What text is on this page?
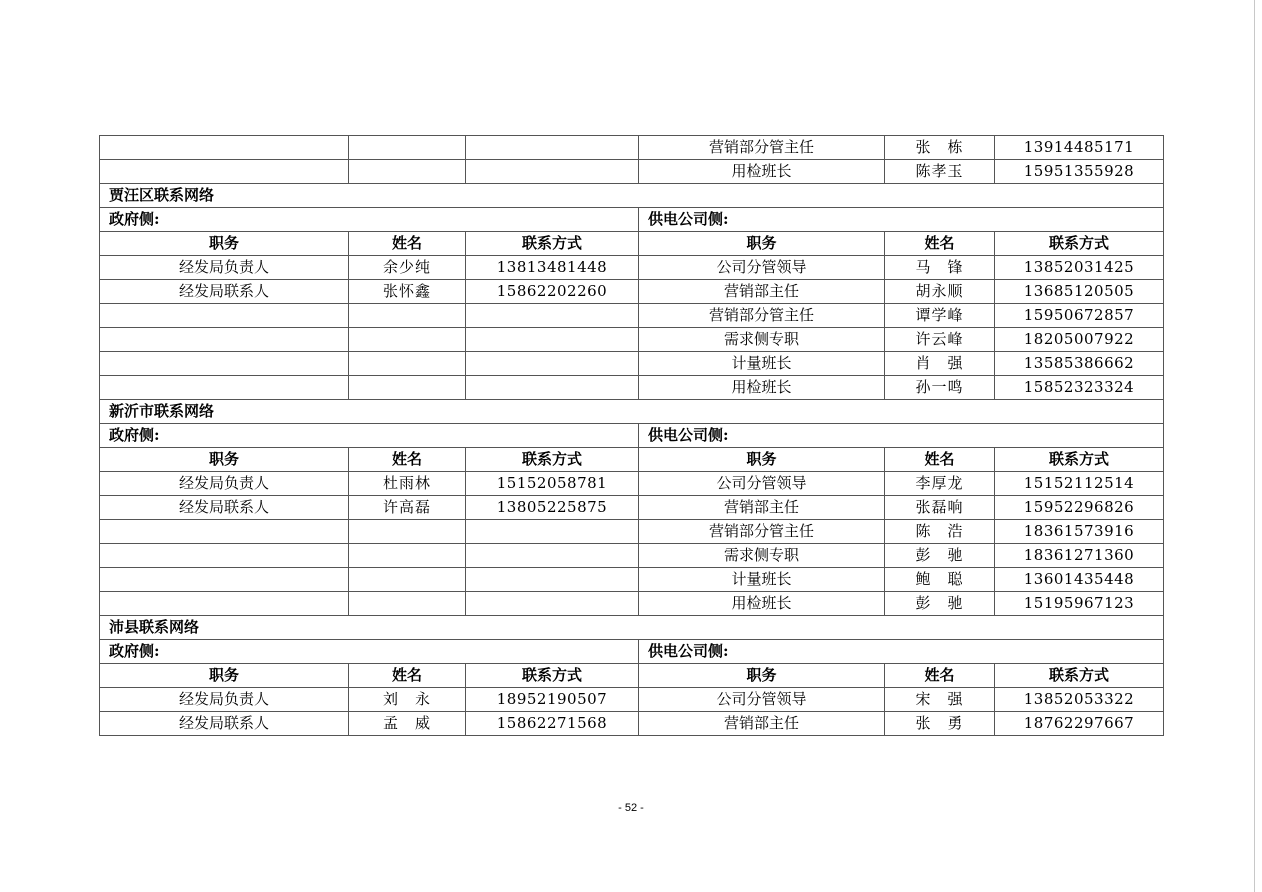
			营销部分管主任	张　栋	13914485171
			用检班长	陈孝玉	15951355928
贾汪区联系网络					
政府侧:			供电公司侧:		
职务	姓名	联系方式	职务	姓名	联系方式
经发局负责人	余少纯	13813481448	公司分管领导	马　锋	13852031425
经发局联系人	张怀鑫	15862202260	营销部主任	胡永顺	13685120505
			营销部分管主任	谭学峰	15950672857
			需求侧专职	许云峰	18205007922
			计量班长	肖　强	13585386662
			用检班长	孙一鸣	15852323324
新沂市联系网络					
政府侧:			供电公司侧:		
职务	姓名	联系方式	职务	姓名	联系方式
经发局负责人	杜雨林	15152058781	公司分管领导	李厚龙	15152112514
经发局联系人	许高磊	13805225875	营销部主任	张磊响	15952296826
			营销部分管主任	陈　浩	18361573916
			需求侧专职	彭　驰	18361271360
			计量班长	鲍　聪	13601435448
			用检班长	彭　驰	15195967123
沛县联系网络					
政府侧:			供电公司侧:		
职务	姓名	联系方式	职务	姓名	联系方式
经发局负责人	刘　永	18952190507	公司分管领导	宋　强	13852053322
经发局联系人	孟　威	15862271568	营销部主任	张　勇	18762297667
- 52 -
